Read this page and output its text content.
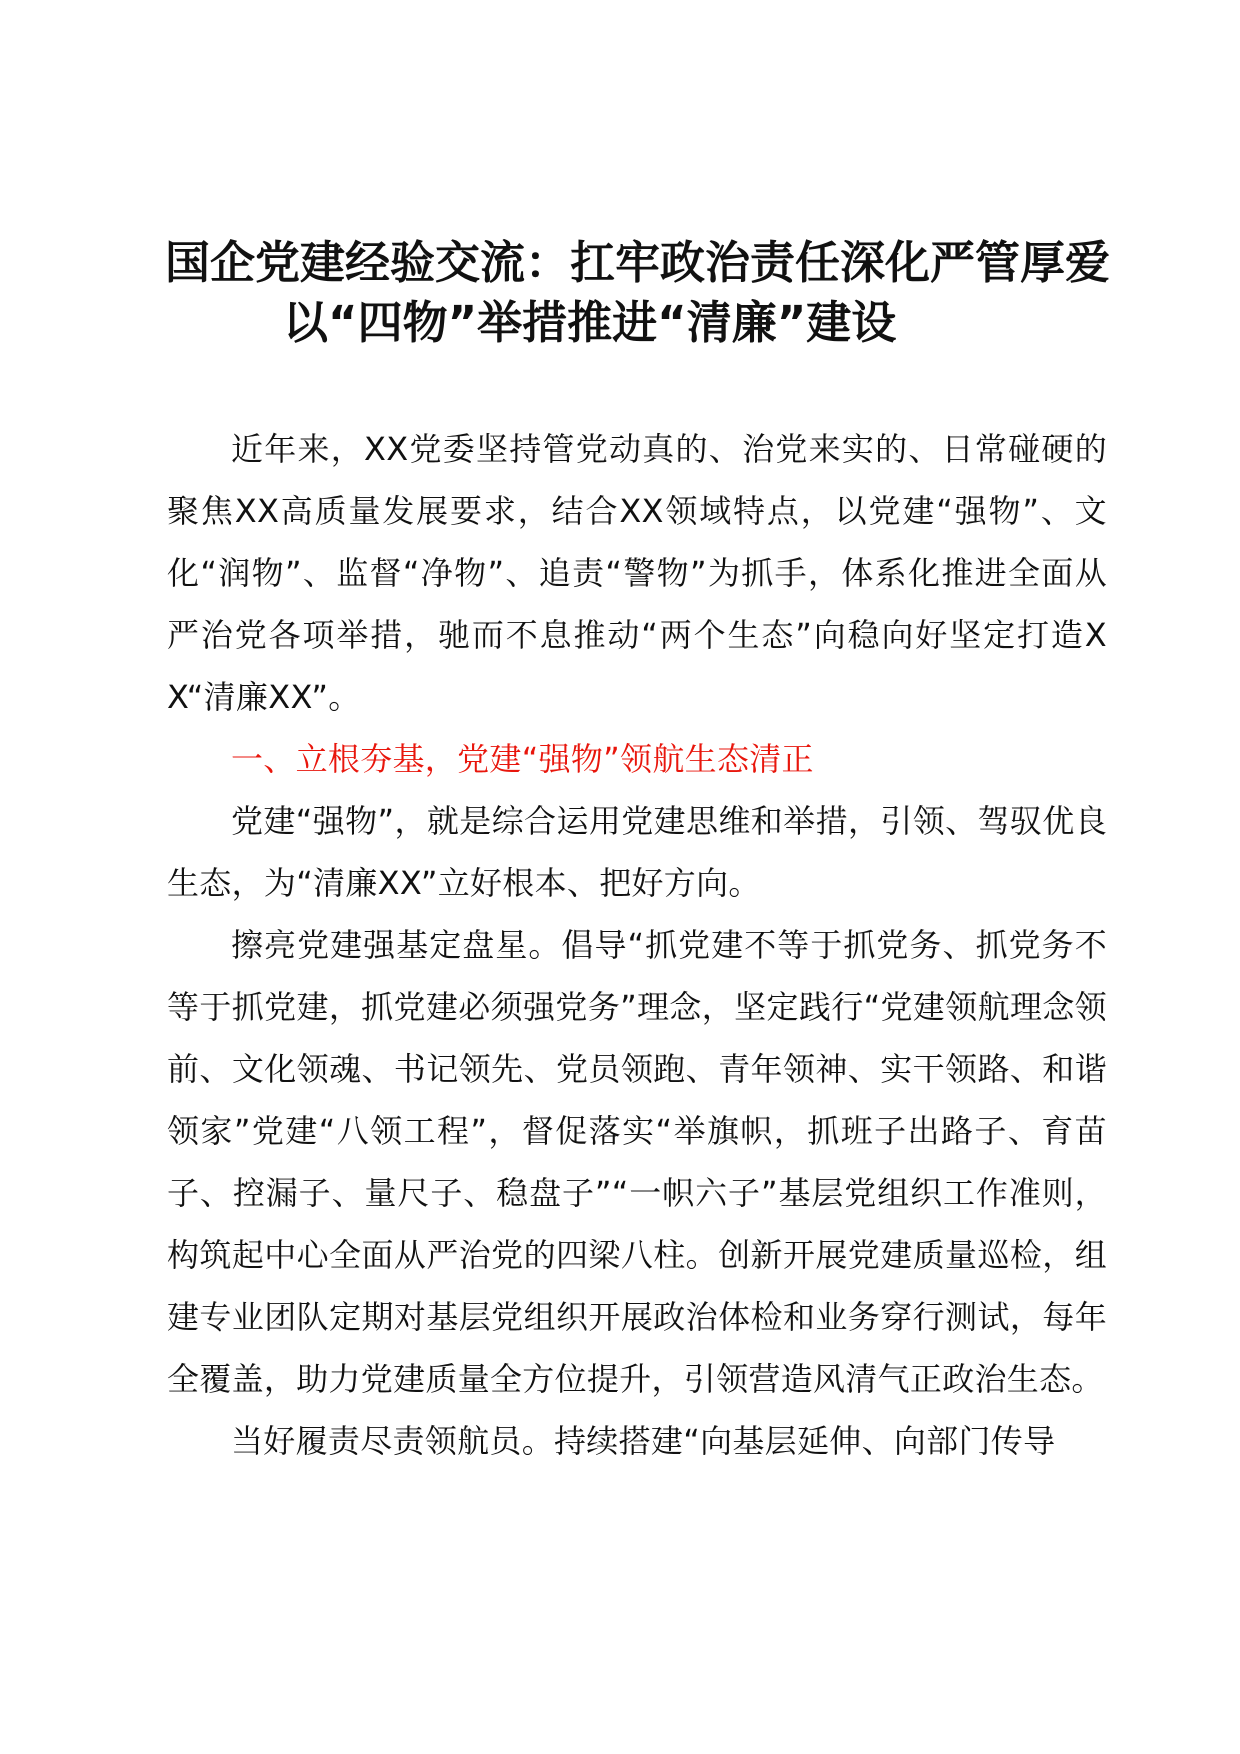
国企党建经验交流：扛牢政治责任深化严管厚爱
以“四物”举措推进“清廉”建设

近年来，XX党委坚持管党动真的、治党来实的、日常碰硬的聚焦XX高质量发展要求，结合XX领域特点，以党建“强物”、文化“润物”、监督“净物”、追责“警物”为抓手，体系化推进全面从严治党各项举措，驰而不息推动“两个生态”向稳向好坚定打造XX“清廉XX”。

一、立根夯基，党建“强物”领航生态清正

党建“强物”，就是综合运用党建思维和举措，引领、驾驭优良生态，为“清廉XX”立好根本、把好方向。

擦亮党建强基定盘星。倡导“抓党建不等于抓党务、抓党务不等于抓党建，抓党建必须强党务”理念，坚定践行“党建领航理念领前、文化领魂、书记领先、党员领跑、青年领神、实干领路、和谐领家”党建“八领工程”，督促落实“举旗帜，抓班子出路子、育苗子、控漏子、量尺子、稳盘子”“一帜六子”基层党组织工作准则，构筑起中心全面从严治党的四梁八柱。创新开展党建质量巡检，组建专业团队定期对基层党组织开展政治体检和业务穿行测试，每年全覆盖，助力党建质量全方位提升，引领营造风清气正政治生态。

当好履责尽责领航员。持续搭建“向基层延伸、向部门传导
